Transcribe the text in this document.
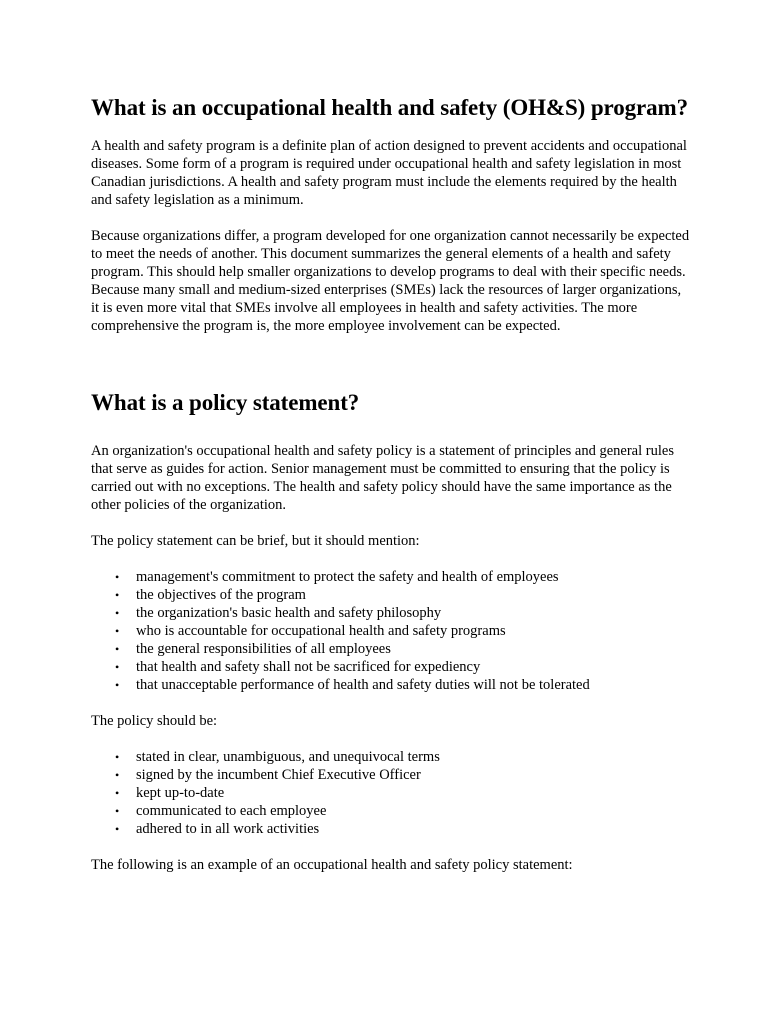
What is an occupational health and safety (OH&S) program?

A health and safety program is a definite plan of action designed to prevent accidents and occupational diseases. Some form of a program is required under occupational health and safety legislation in most Canadian jurisdictions. A health and safety program must include the elements required by the health and safety legislation as a minimum.

Because organizations differ, a program developed for one organization cannot necessarily be expected to meet the needs of another. This document summarizes the general elements of a health and safety program. This should help smaller organizations to develop programs to deal with their specific needs. Because many small and medium-sized enterprises (SMEs) lack the resources of larger organizations, it is even more vital that SMEs involve all employees in health and safety activities. The more comprehensive the program is, the more employee involvement can be expected.

What is a policy statement?

An organization's occupational health and safety policy is a statement of principles and general rules that serve as guides for action. Senior management must be committed to ensuring that the policy is carried out with no exceptions. The health and safety policy should have the same importance as the other policies of the organization.

The policy statement can be brief, but it should mention:

• management's commitment to protect the safety and health of employees
• the objectives of the program
• the organization's basic health and safety philosophy
• who is accountable for occupational health and safety programs
• the general responsibilities of all employees
• that health and safety shall not be sacrificed for expediency
• that unacceptable performance of health and safety duties will not be tolerated

The policy should be:

• stated in clear, unambiguous, and unequivocal terms
• signed by the incumbent Chief Executive Officer
• kept up-to-date
• communicated to each employee
• adhered to in all work activities

The following is an example of an occupational health and safety policy statement:
